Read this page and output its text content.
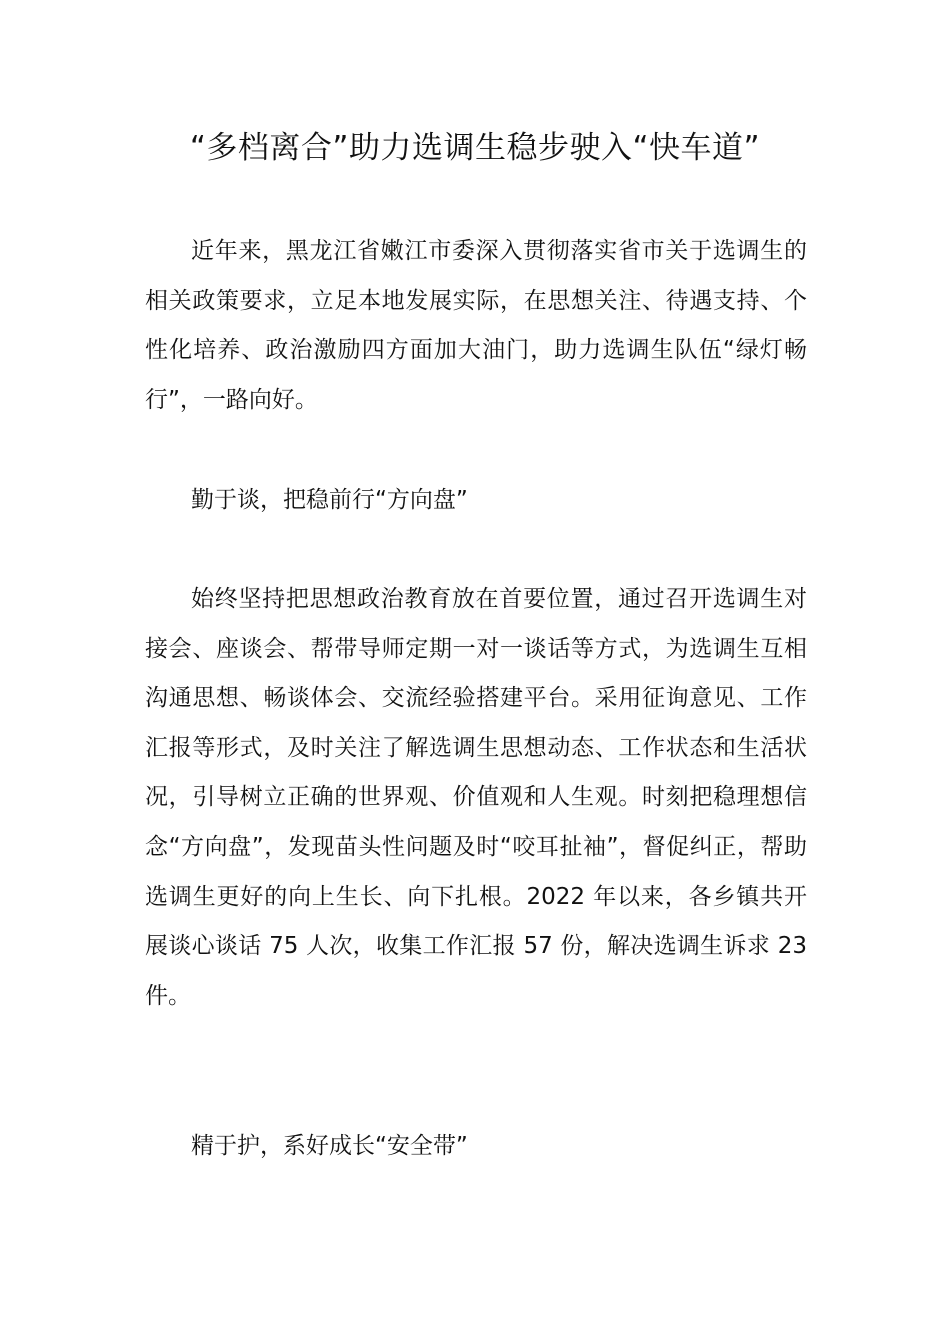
“多档离合”助力选调生稳步驶入“快车道”

近年来，黑龙江省嫩江市委深入贯彻落实省市关于选调生的相关政策要求，立足本地发展实际，在思想关注、待遇支持、个性化培养、政治激励四方面加大油门，助力选调生队伍“绿灯畅行”，一路向好。

勤于谈，把稳前行“方向盘”

始终坚持把思想政治教育放在首要位置，通过召开选调生对接会、座谈会、帮带导师定期一对一谈话等方式，为选调生互相沟通思想、畅谈体会、交流经验搭建平台。采用征询意见、工作汇报等形式，及时关注了解选调生思想动态、工作状态和生活状况，引导树立正确的世界观、价值观和人生观。时刻把稳理想信念“方向盘”，发现苗头性问题及时“咬耳扯袖”，督促纠正，帮助选调生更好的向上生长、向下扎根。2022 年以来，各乡镇共开展谈心谈话 75 人次，收集工作汇报 57 份，解决选调生诉求 23 件。

精于护，系好成长“安全带”
